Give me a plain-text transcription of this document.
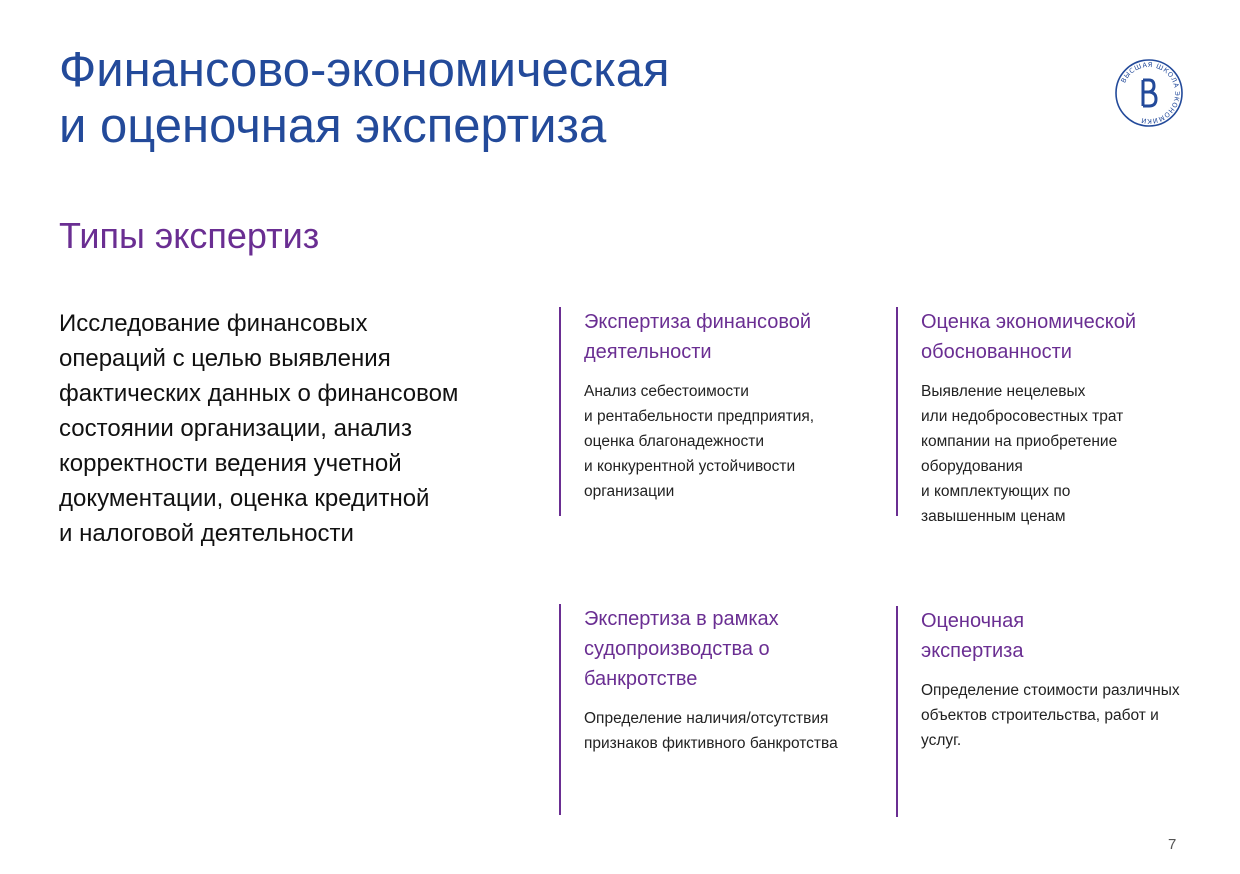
Финансово-экономическая
и оценочная экспертиза
ВЫСШАЯ ШКОЛА ЭКОНОМИКИ
Типы экспертиз

Исследование финансовых
операций с целью выявления
фактических данных о финансовом
состоянии организации, анализ
корректности ведения учетной
документации, оценка кредитной
и налоговой деятельности

Экспертиза финансовой
деятельности

Анализ себестоимости
и рентабельности предприятия,
оценка благонадежности
и конкурентной устойчивости
организации

Оценка экономической
обоснованности

Выявление нецелевых
или недобросовестных трат
компании на приобретение
оборудования
и комплектующих по
завышенным ценам

Экспертиза в рамках
судопроизводства о
банкротстве

Определение наличия/отсутствия
признаков фиктивного банкротства

Оценочная
экспертиза

Определение стоимости различных
объектов строительства, работ и
услуг.

7
